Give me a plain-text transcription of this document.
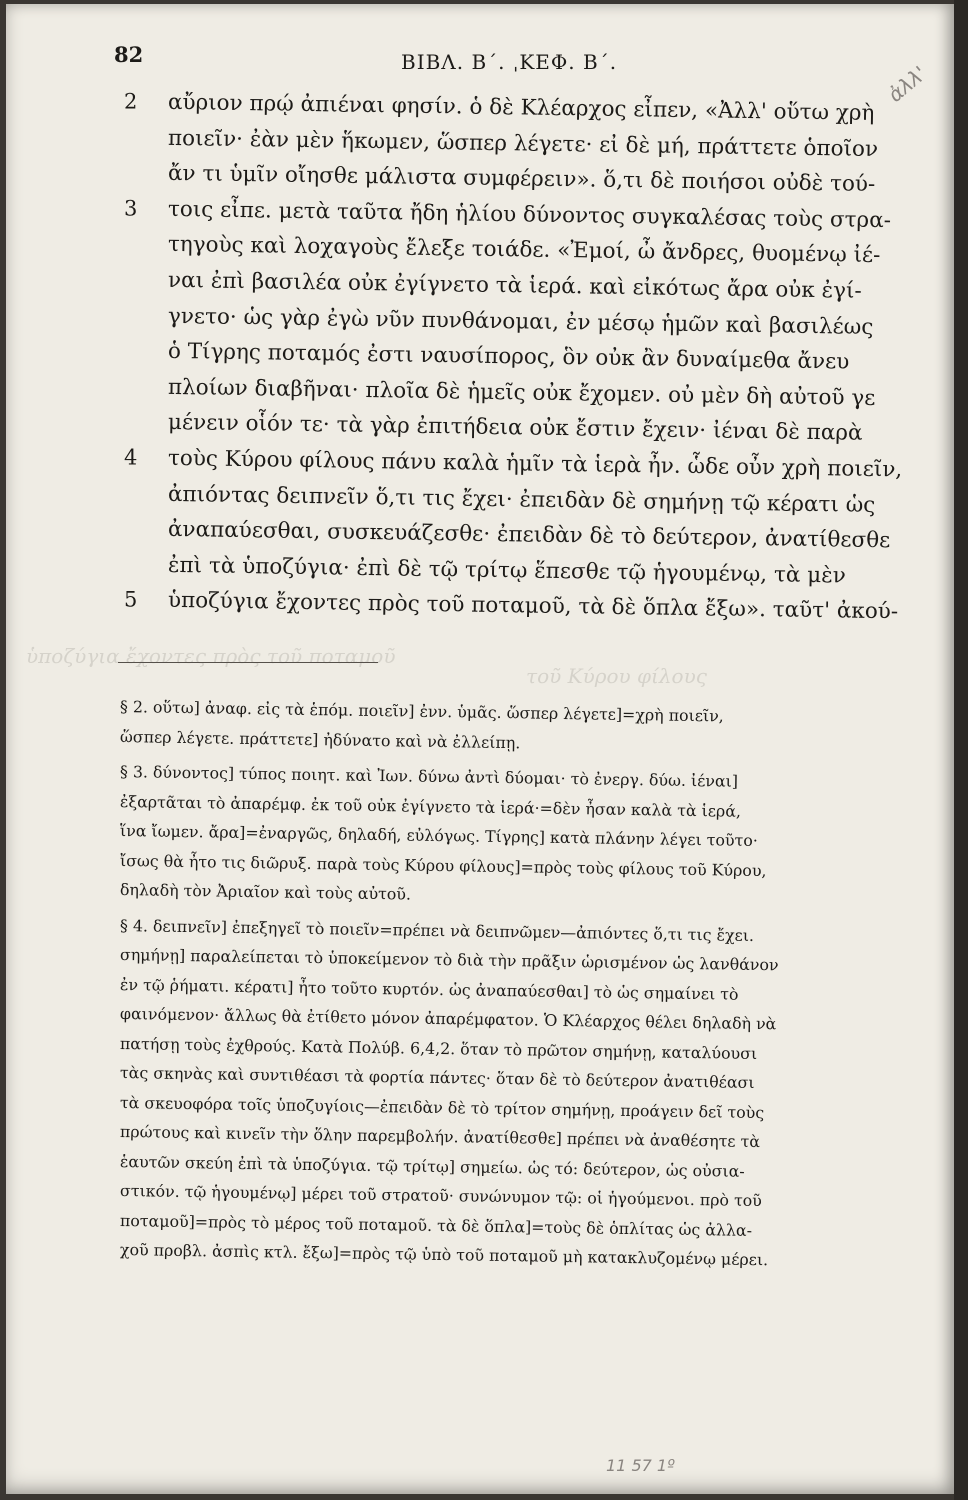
ὑποζύγια ἔχοντες πρὸς τοῦ ποταμοῦ
τοῦ Κύρου φίλους
82	ΒΙΒΛ. Β΄. ˌΚΕΦ. Β΄.	ἀλλ'
2 αὔριον πρῴ ἀπιέναι φησίν. ὁ δὲ Κλέαρχος εἶπεν, «Ἀλλ' οὕτω χρὴ
ποιεῖν· ἐὰν μὲν ἥκωμεν, ὥσπερ λέγετε· εἰ δὲ μή, πράττετε ὁποῖον
ἄν τι ὑμῖν οἴησθε μάλιστα συμφέρειν». ὅ,τι δὲ ποιήσοι οὐδὲ τού-
3 τοις εἶπε. μετὰ ταῦτα ἤδη ἡλίου δύνοντος συγκαλέσας τοὺς στρα-
τηγοὺς καὶ λοχαγοὺς ἔλεξε τοιάδε. «Ἐμοί, ὦ ἄνδρες, θυομένῳ ἰέ-
ναι ἐπὶ βασιλέα οὐκ ἐγίγνετο τὰ ἱερά. καὶ εἰκότως ἄρα οὐκ ἐγί-
γνετο· ὡς γὰρ ἐγὼ νῦν πυνθάνομαι, ἐν μέσῳ ἡμῶν καὶ βασιλέως
ὁ Τίγρης ποταμός ἐστι ναυσίπορος, ὃν οὐκ ἂν δυναίμεθα ἄνευ
πλοίων διαβῆναι· πλοῖα δὲ ἡμεῖς οὐκ ἔχομεν. οὐ μὲν δὴ αὐτοῦ γε
μένειν οἷόν τε· τὰ γὰρ ἐπιτήδεια οὐκ ἔστιν ἔχειν· ἰέναι δὲ παρὰ
4 τοὺς Κύρου φίλους πάνυ καλὰ ἡμῖν τὰ ἱερὰ ἦν. ὧδε οὖν χρὴ ποιεῖν,
ἀπιόντας δειπνεῖν ὅ,τι τις ἔχει· ἐπειδὰν δὲ σημήνῃ τῷ κέρατι ὡς
ἀναπαύεσθαι, συσκευάζεσθε· ἐπειδὰν δὲ τὸ δεύτερον, ἀνατίθεσθε
ἐπὶ τὰ ὑποζύγια· ἐπὶ δὲ τῷ τρίτῳ ἕπεσθε τῷ ἡγουμένῳ, τὰ μὲν
5 ὑποζύγια ἔχοντες πρὸς τοῦ ποταμοῦ, τὰ δὲ ὅπλα ἔξω». ταῦτ' ἀκού-
§ 2. οὕτω] ἀναφ. εἰς τὰ ἑπόμ. ποιεῖν] ἐνν. ὑμᾶς. ὥσπερ λέγετε]=χρὴ ποιεῖν,
ὥσπερ λέγετε. πράττετε] ἠδύνατο καὶ νὰ ἐλλείπῃ.
§ 3. δύνοντος] τύπος ποιητ. καὶ Ἰων. δύνω ἀντὶ δύομαι· τὸ ἐνεργ. δύω. ἰέναι]
ἐξαρτᾶται τὸ ἀπαρέμφ. ἐκ τοῦ οὐκ ἐγίγνετο τὰ ἱερά·=δὲν ἦσαν καλὰ τὰ ἱερά,
ἵνα ἴωμεν. ἄρα]=ἐναργῶς, δηλαδή, εὐλόγως. Τίγρης] κατὰ πλάνην λέγει τοῦτο·
ἴσως θὰ ἦτο τις διῶρυξ. παρὰ τοὺς Κύρου φίλους]=πρὸς τοὺς φίλους τοῦ Κύρου,
δηλαδὴ τὸν Ἀριαῖον καὶ τοὺς αὐτοῦ.
§ 4. δειπνεῖν] ἐπεξηγεῖ τὸ ποιεῖν=πρέπει νὰ δειπνῶμεν—ἀπιόντες ὅ,τι τις ἔχει.
σημήνῃ] παραλείπεται τὸ ὑποκείμενον τὸ διὰ τὴν πρᾶξιν ὡρισμένον ὡς λανθάνον
ἐν τῷ ῥήματι. κέρατι] ἦτο τοῦτο κυρτόν. ὡς ἀναπαύεσθαι] τὸ ὡς σημαίνει τὸ
φαινόμενον· ἄλλως θὰ ἐτίθετο μόνον ἀπαρέμφατον. Ὁ Κλέαρχος θέλει δηλαδὴ νὰ
πατήσῃ τοὺς ἐχθρούς. Κατὰ Πολύβ. 6,4,2. ὅταν τὸ πρῶτον σημήνῃ, καταλύουσι
τὰς σκηνὰς καὶ συντιθέασι τὰ φορτία πάντες· ὅταν δὲ τὸ δεύτερον ἀνατιθέασι
τὰ σκευοφόρα τοῖς ὑποζυγίοις—ἐπειδὰν δὲ τὸ τρίτον σημήνῃ, προάγειν δεῖ τοὺς
πρώτους καὶ κινεῖν τὴν ὅλην παρεμβολήν. ἀνατίθεσθε] πρέπει νὰ ἀναθέσητε τὰ
ἑαυτῶν σκεύη ἐπὶ τὰ ὑποζύγια. τῷ τρίτῳ] σημείω. ὡς τό: δεύτερον, ὡς οὐσια-
στικόν. τῷ ἡγουμένῳ] μέρει τοῦ στρατοῦ· συνώνυμον τῷ: οἱ ἡγούμενοι. πρὸ τοῦ
ποταμοῦ]=πρὸς τὸ μέρος τοῦ ποταμοῦ. τὰ δὲ ὅπλα]=τοὺς δὲ ὁπλίτας ὡς ἀλλα-
χοῦ προβλ. ἀσπὶς κτλ. ἔξω]=πρὸς τῷ ὑπὸ τοῦ ποταμοῦ μὴ κατακλυζομένῳ μέρει.
11 57 1º
